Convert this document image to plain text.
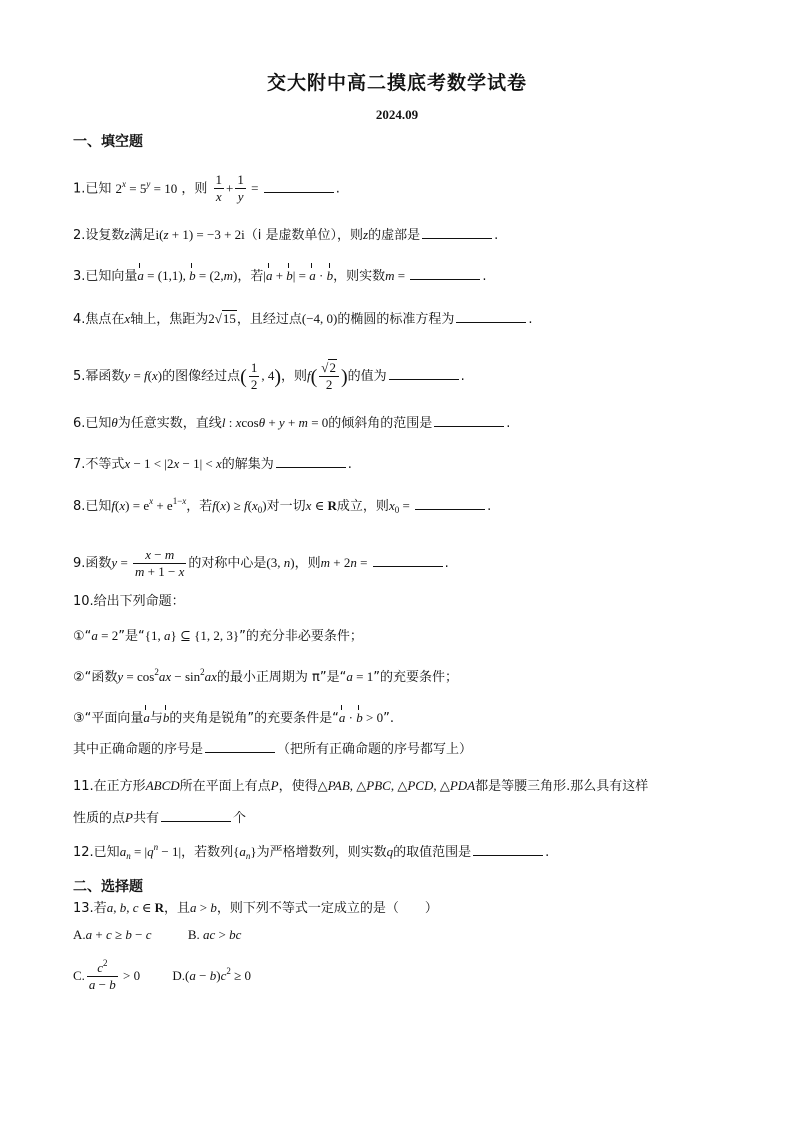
交大附中高二摸底考数学试卷
2024.09
一、填空题
1.已知 $2^x = 5^y = 10$ ，则 $\frac{1}{x} + \frac{1}{y}$ =	.
2.设复数z满足i(z + 1) = −3 + 2i（i 是虚数单位），则z的虚部是	.
3.已知向量a = (1,1), b = (2,m)，若|a + b| = a · b，则实数m =	.
4.焦点在x轴上，焦距为2√15，且经过点(−4, 0)的椭圆的标准方程为	.
5.幂函数y = f(x)的图像经过点( $\frac{1}{2}$ , 4)，则$f( \frac{√2}{2}$ )的值为	.
6.已知θ为任意实数，直线l : xcosθ + y + m = 0的倾斜角的范围是	.
7.不等式x − 1 < |2x − 1| < x的解集为	.
8.已知$f(x) = e^x + e^{1-x}$，若$f(x) \ge f(x_0)$对一切x ∈ R成立，则$x_0$ =	.
9.函数$y = \frac{x - m}{m + 1 - x}$ 的对称中心是(3, n)，则m + 2n =	.
10.给出下列命题：
①“a = 2”是“{1, a} ⊆ {1, 2, 3}”的充分非必要条件；
②“函数$y = \cos^2ax - \sin^2ax$的最小正周期为 π”是“a = 1”的充要条件；
③“平面向量a与b的夹角是锐角”的充要条件是“a · b > 0”.
其中正确命题的序号是	（把所有正确命题的序号都写上）
11.在正方形ABCD所在平面上有点P，使得△PAB, △PBC, △PCD, △PDA都是等腰三角形.那么具有这样
性质的点P共有	个
12.已知$a_n = |q^n - 1|$，若数列$\{a_n\}$为严格增数列，则实数q的取值范围是	.
二、选择题
13.若a, b, c ∈ R，且a > b，则下列不等式一定成立的是（　　）
A.a + c ≥ b − c	B. ac > bc
C. $\frac{c^2}{a - b} > 0$ $D.(a - b)c^2 \ge 0$
